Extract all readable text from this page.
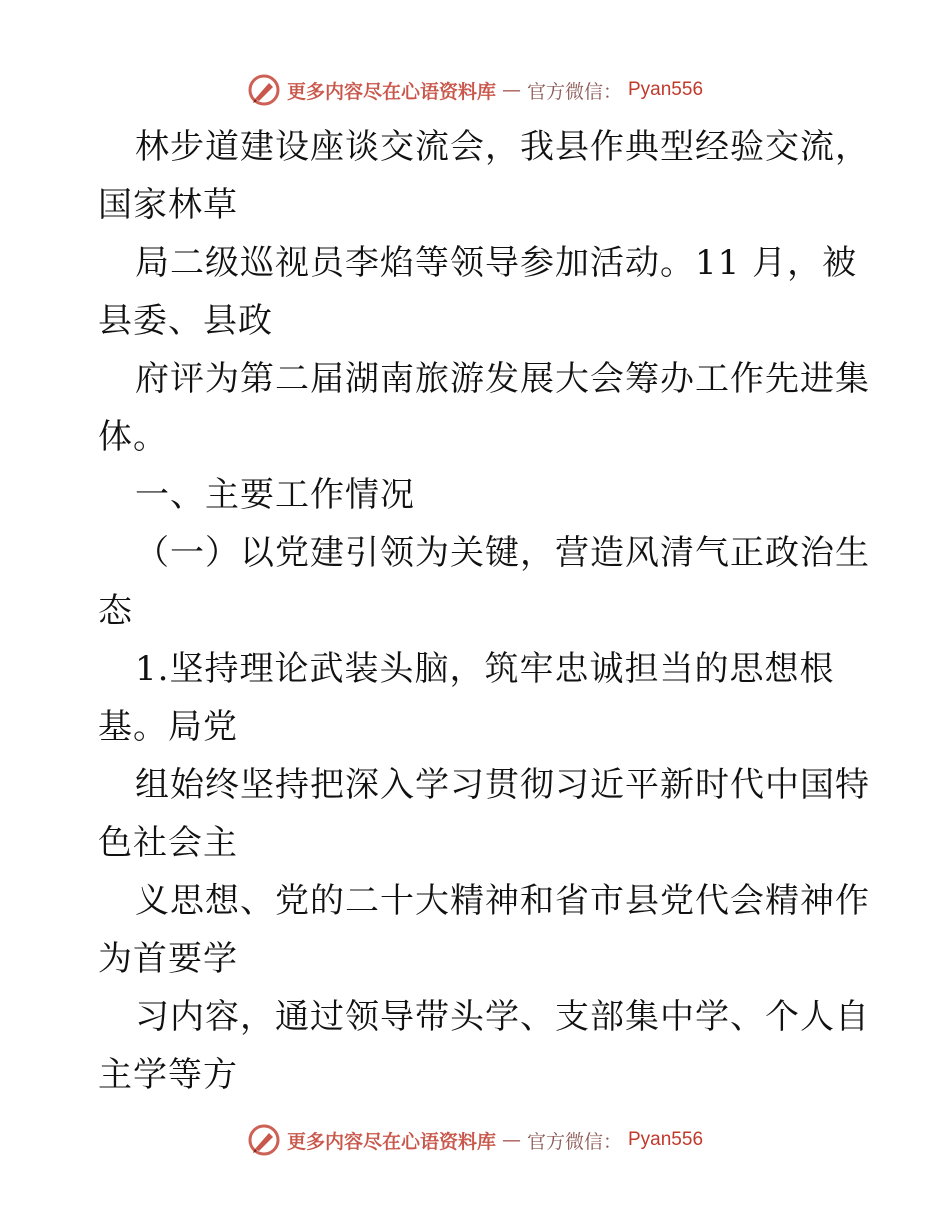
更多内容尽在心语资料库 — 官方微信： Pyan556
林步道建设座谈交流会，我县作典型经验交流，
国家林草
局二级巡视员李焰等领导参加活动。11 月，被
县委、县政
府评为第二届湖南旅游发展大会筹办工作先进集
体。
一、主要工作情况
（一）以党建引领为关键，营造风清气正政治生
态
1.坚持理论武装头脑，筑牢忠诚担当的思想根
基。局党
组始终坚持把深入学习贯彻习近平新时代中国特
色社会主
义思想、党的二十大精神和省市县党代会精神作
为首要学
习内容，通过领导带头学、支部集中学、个人自
主学等方
更多内容尽在心语资料库 — 官方微信： Pyan556
